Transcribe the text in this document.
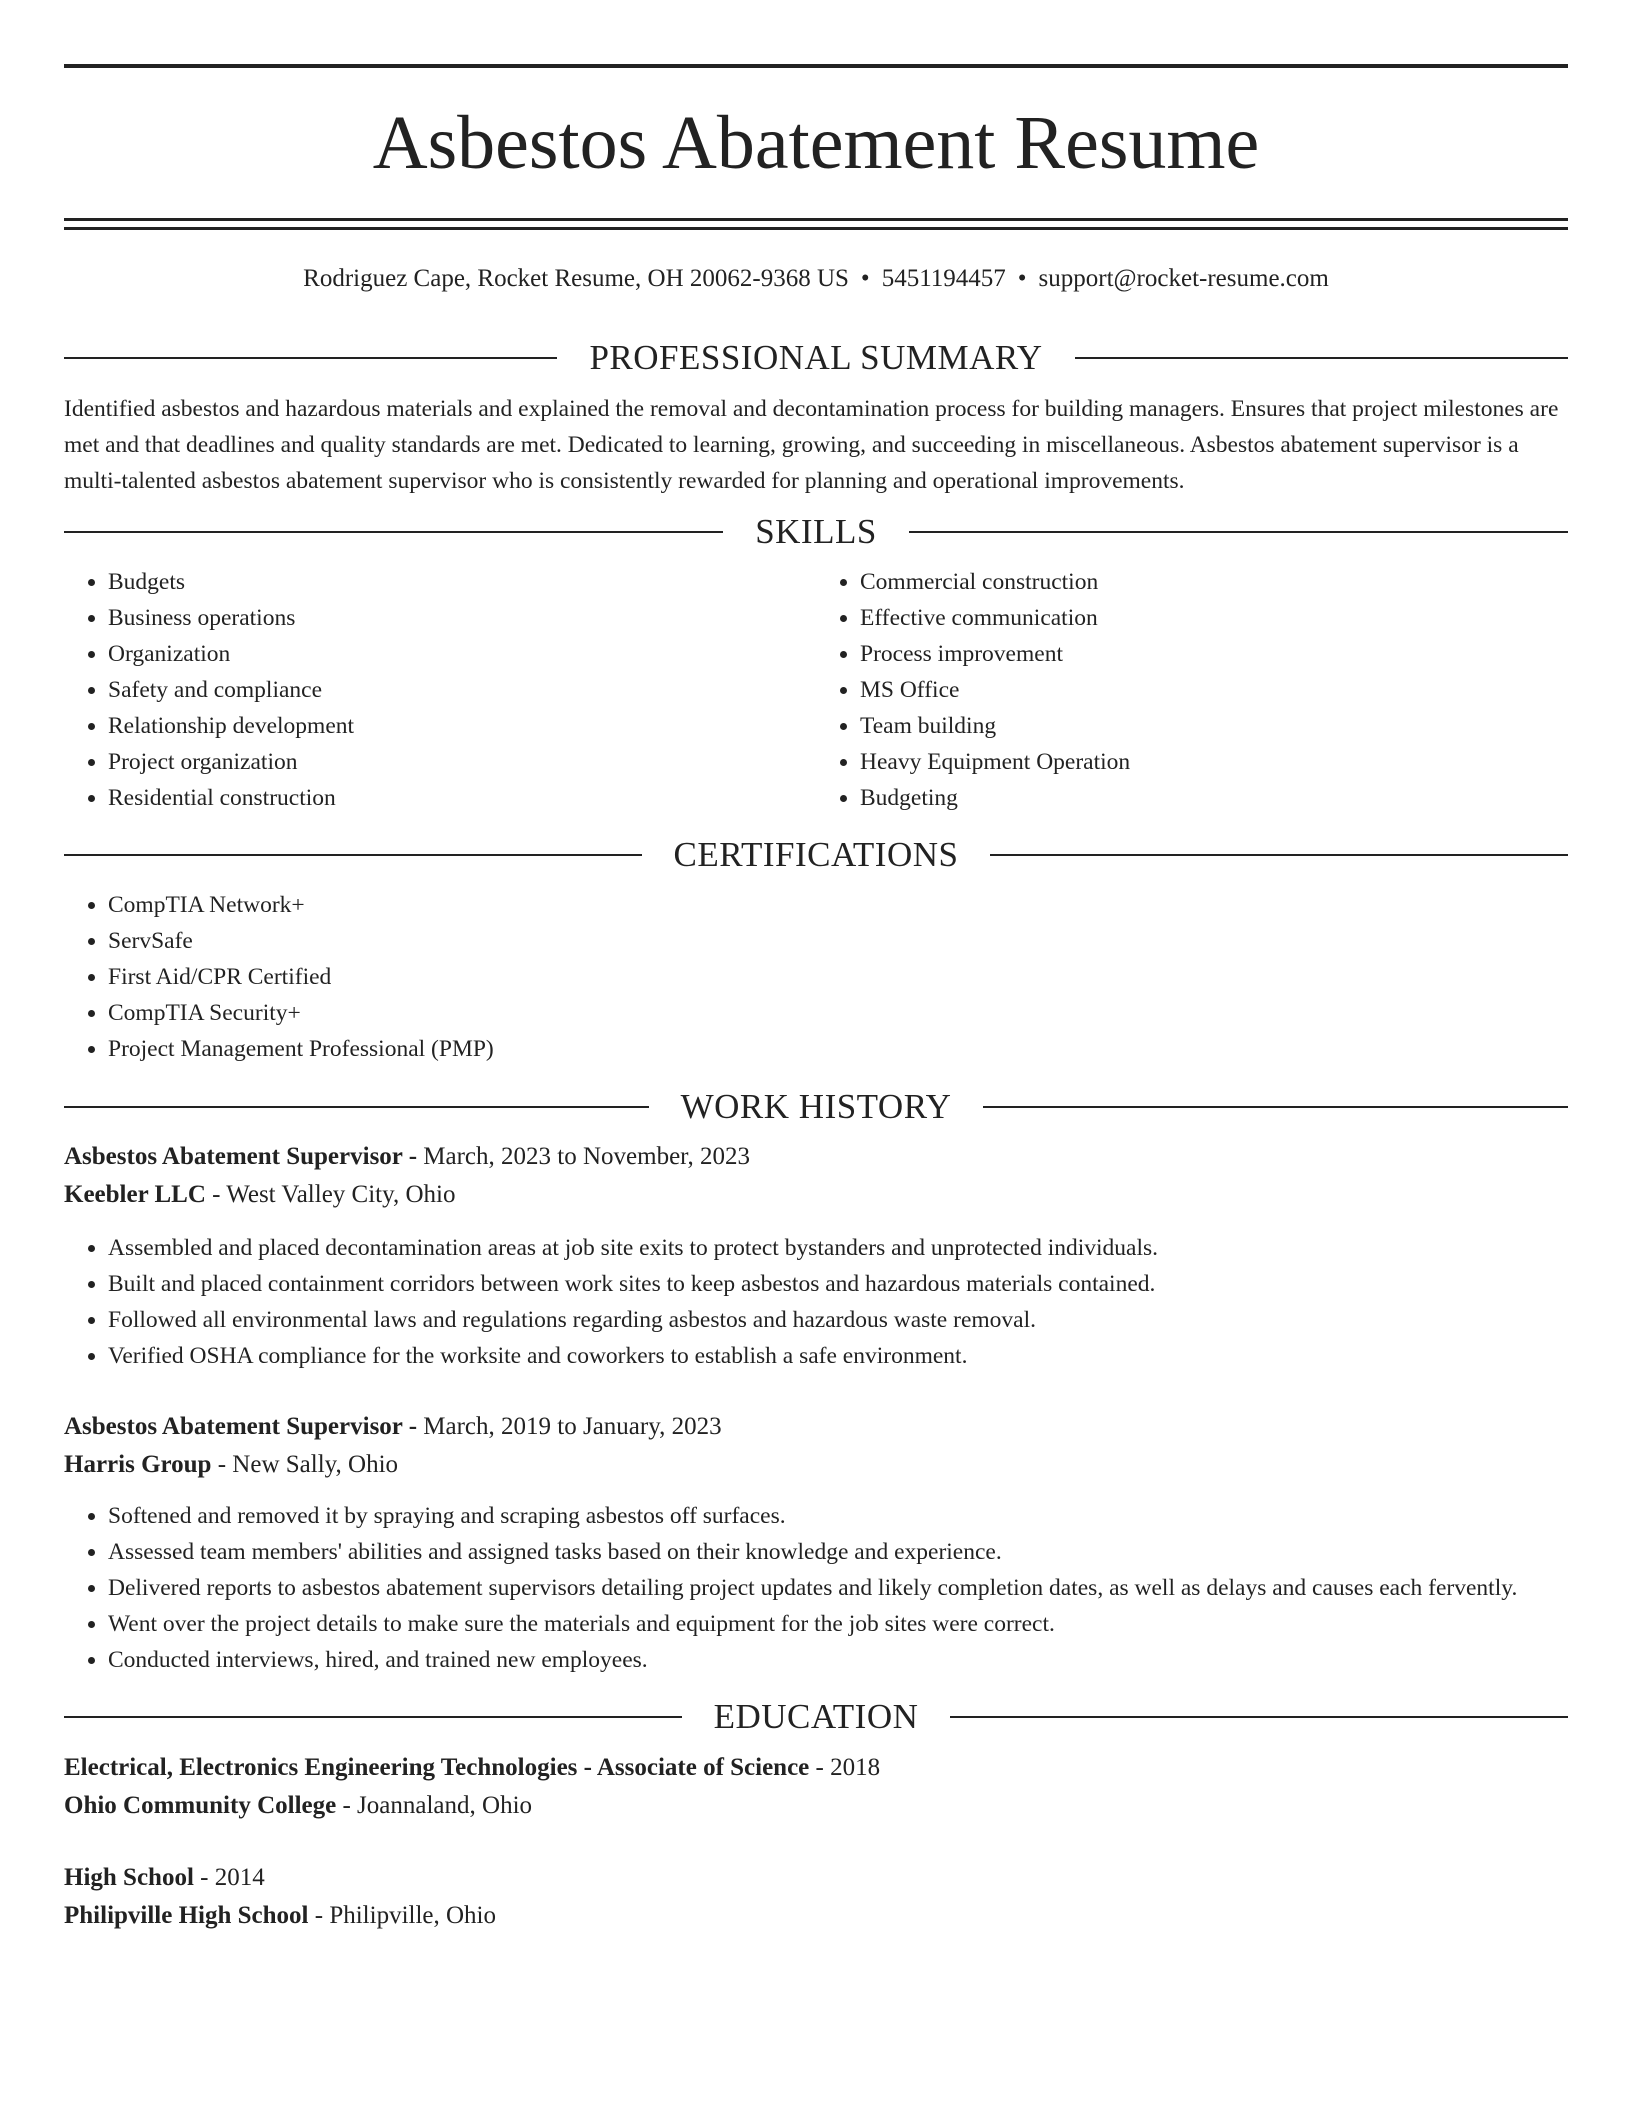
Asbestos Abatement Resume
Rodriguez Cape, Rocket Resume, OH 20062-9368 US • 5451194457 • support@rocket-resume.com
PROFESSIONAL SUMMARY

Identified asbestos and hazardous materials and explained the removal and decontamination process for building managers. Ensures that project milestones are met and that deadlines and quality standards are met. Dedicated to learning, growing, and succeeding in miscellaneous. Asbestos abatement supervisor is a multi-talented asbestos abatement supervisor who is consistently rewarded for planning and operational improvements.

SKILLS
• Budgets
• Business operations
• Organization
• Safety and compliance
• Relationship development
• Project organization
• Residential construction
• Commercial construction
• Effective communication
• Process improvement
• MS Office
• Team building
• Heavy Equipment Operation
• Budgeting
CERTIFICATIONS
• CompTIA Network+
• ServSafe
• First Aid/CPR Certified
• CompTIA Security+
• Project Management Professional (PMP)
WORK HISTORY
Asbestos Abatement Supervisor - March, 2023 to November, 2023
Keebler LLC - West Valley City, Ohio
• Assembled and placed decontamination areas at job site exits to protect bystanders and unprotected individuals.
• Built and placed containment corridors between work sites to keep asbestos and hazardous materials contained.
• Followed all environmental laws and regulations regarding asbestos and hazardous waste removal.
• Verified OSHA compliance for the worksite and coworkers to establish a safe environment.
Asbestos Abatement Supervisor - March, 2019 to January, 2023
Harris Group - New Sally, Ohio
• Softened and removed it by spraying and scraping asbestos off surfaces.
• Assessed team members' abilities and assigned tasks based on their knowledge and experience.
• Delivered reports to asbestos abatement supervisors detailing project updates and likely completion dates, as well as delays and causes each fervently.
• Went over the project details to make sure the materials and equipment for the job sites were correct.
• Conducted interviews, hired, and trained new employees.
EDUCATION
Electrical, Electronics Engineering Technologies - Associate of Science - 2018
Ohio Community College - Joannaland, Ohio
High School - 2014
Philipville High School - Philipville, Ohio
